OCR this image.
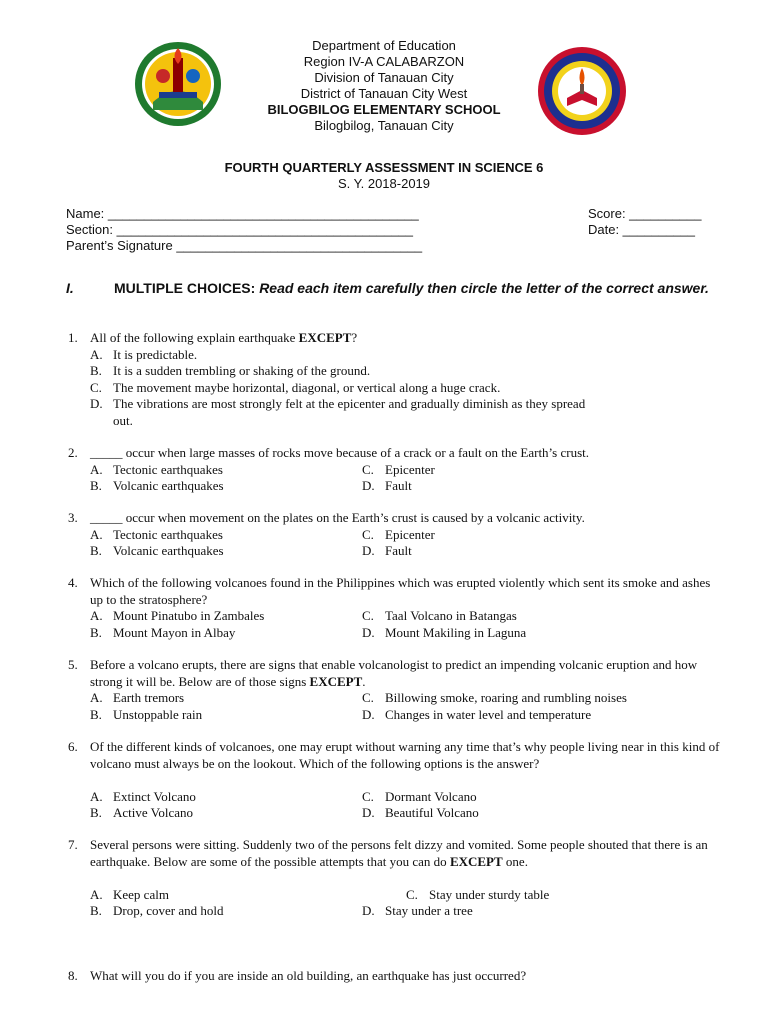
Department of Education
Region IV-A CALABARZON
Division of Tanauan City
District of Tanauan City West
BILOGBILOG ELEMENTARY SCHOOL
Bilogbilog, Tanauan City
FOURTH QUARTERLY ASSESSMENT IN SCIENCE 6
S. Y. 2018-2019
Name: ___________________________________________
Section: _________________________________________
Parent’s Signature __________________________________
Score: __________
Date: __________
I.	MULTIPLE CHOICES: Read each item carefully then circle the letter of the correct answer.
1. All of the following explain earthquake EXCEPT?
A. It is predictable.
B. It is a sudden trembling or shaking of the ground.
C. The movement maybe horizontal, diagonal, or vertical along a huge crack.
D. The vibrations are most strongly felt at the epicenter and gradually diminish as they spread
out.
2. _____ occur when large masses of rocks move because of a crack or a fault on the Earth’s crust.
A. Tectonic earthquakes	C. Epicenter
B. Volcanic earthquakes	D. Fault
3. _____ occur when movement on the plates on the Earth’s crust is caused by a volcanic activity.
A. Tectonic earthquakes	C. Epicenter
B. Volcanic earthquakes	D. Fault
4. Which of the following volcanoes found in the Philippines which was erupted violently which sent its smoke and ashes up to the stratosphere?
A. Mount Pinatubo in Zambales	C. Taal Volcano in Batangas
B. Mount Mayon in Albay	D. Mount Makiling in Laguna
5. Before a volcano erupts, there are signs that enable volcanologist to predict an impending volcanic eruption and how strong it will be. Below are of those signs EXCEPT.
A. Earth tremors	C. Billowing smoke, roaring and rumbling noises
B. Unstoppable rain	D. Changes in water level and temperature
6. Of the different kinds of volcanoes, one may erupt without warning any time that’s why people living near in this kind of volcano must always be on the lookout. Which of the following options is the answer?
A. Extinct Volcano	C. Dormant Volcano
B. Active Volcano	D. Beautiful Volcano
7. Several persons were sitting. Suddenly two of the persons felt dizzy and vomited. Some people shouted that there is an earthquake. Below are some of the possible attempts that you can do EXCEPT one.
A. Keep calm	C. Stay under sturdy table
B. Drop, cover and hold	D. Stay under a tree
8. What will you do if you are inside an old building, an earthquake has just occurred?
